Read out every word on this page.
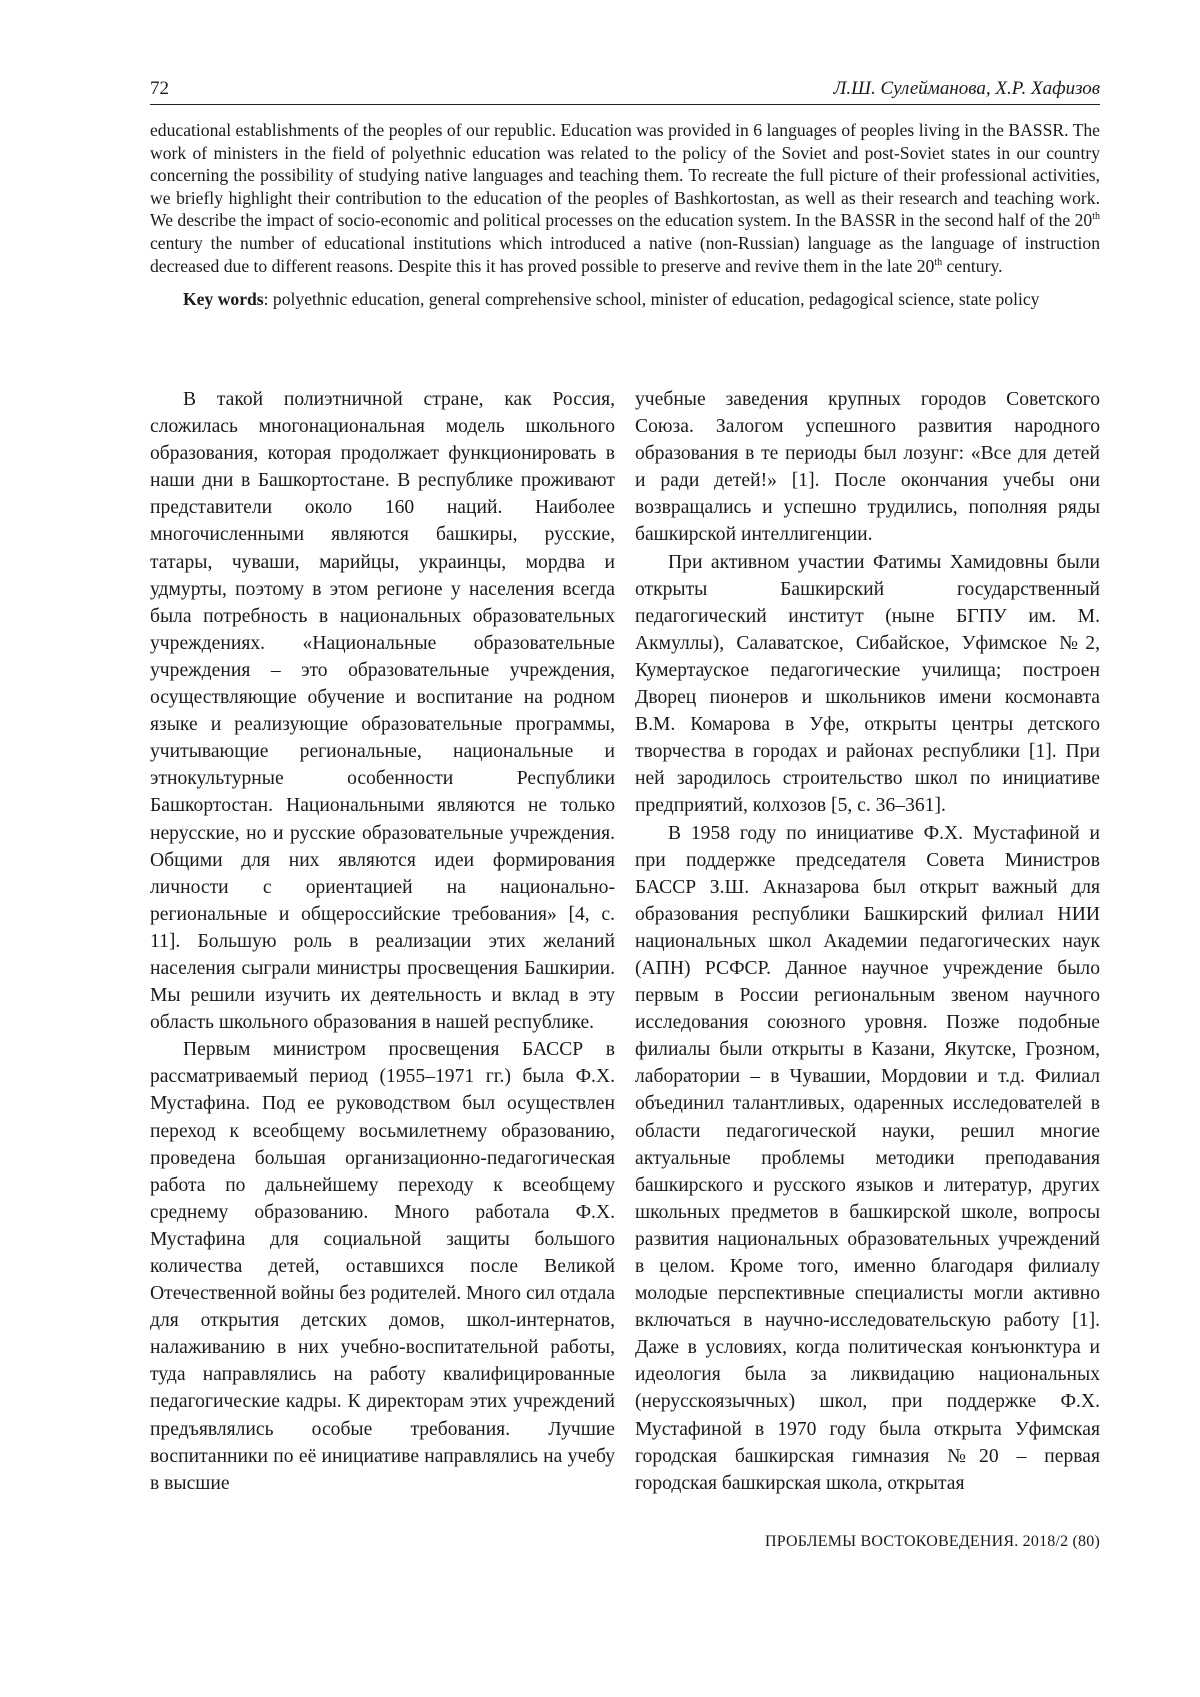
72	Л.Ш. Сулейманова, Х.Р. Хафизов
educational establishments of the peoples of our republic. Education was provided in 6 languages of peoples living in the BASSR. The work of ministers in the field of polyethnic education was related to the policy of the Soviet and post-Soviet states in our country concerning the possibility of studying native languages and teaching them. To recreate the full picture of their professional activities, we briefly highlight their contribution to the education of the peoples of Bashkortostan, as well as their research and teaching work. We describe the impact of socio-economic and political processes on the education system. In the BASSR in the second half of the 20th century the number of educational institutions which introduced a native (non-Russian) language as the language of instruction decreased due to different reasons. Despite this it has proved possible to preserve and revive them in the late 20th century.
Key words: polyethnic education, general comprehensive school, minister of education, pedagogical science, state policy

В такой полиэтничной стране, как Россия, сложилась многонациональная модель школьного образования, которая продолжает функционировать в наши дни в Башкортостане. В республике проживают представители около 160 наций. Наиболее многочисленными являются башкиры, русские, татары, чуваши, марийцы, украинцы, мордва и удмурты, поэтому в этом регионе у населения всегда была потребность в национальных образовательных учреждениях. «Национальные образовательные учреждения – это образовательные учреждения, осуществляющие обучение и воспитание на родном языке и реализующие образовательные программы, учитывающие региональные, национальные и этнокультурные особенности Республики Башкортостан. Национальными являются не только нерусские, но и русские образовательные учреждения. Общими для них являются идеи формирования личности с ориентацией на национально-региональные и общероссийские требования» [4, с. 11]. Большую роль в реализации этих желаний населения сыграли министры просвещения Башкирии. Мы решили изучить их деятельность и вклад в эту область школьного образования в нашей республике.

Первым министром просвещения БАССР в рассматриваемый период (1955–1971 гг.) была Ф.Х. Мустафина. Под ее руководством был осуществлен переход к всеобщему восьмилетнему образованию, проведена большая организационно-педагогическая работа по дальнейшему переходу к всеобщему среднему образованию. Много работала Ф.Х. Мустафина для социальной защиты большого количества детей, оставшихся после Великой Отечественной войны без родителей. Много сил отдала для открытия детских домов, школ-интернатов, налаживанию в них учебно-воспитательной работы, туда направлялись на работу квалифицированные педагогические кадры. К директорам этих учреждений предъявлялись особые требования. Лучшие воспитанники по её инициативе направлялись на учебу в высшие

учебные заведения крупных городов Советского Союза. Залогом успешного развития народного образования в те периоды был лозунг: «Все для детей и ради детей!» [1]. После окончания учебы они возвращались и успешно трудились, пополняя ряды башкирской интеллигенции.

При активном участии Фатимы Хамидовны были открыты Башкирский государственный педагогический институт (ныне БГПУ им. М. Акмуллы), Салаватское, Сибайское, Уфимское №2, Кумертауское педагогические училища; построен Дворец пионеров и школьников имени космонавта В.М. Комарова в Уфе, открыты центры детского творчества в городах и районах республики [1]. При ней зародилось строительство школ по инициативе предприятий, колхозов [5, с. 36–361].

В 1958 году по инициативе Ф.Х. Мустафиной и при поддержке председателя Совета Министров БАССР З.Ш. Акназарова был открыт важный для образования республики Башкирский филиал НИИ национальных школ Академии педагогических наук (АПН) РСФСР. Данное научное учреждение было первым в России региональным звеном научного исследования союзного уровня. Позже подобные филиалы были открыты в Казани, Якутске, Грозном, лаборатории – в Чувашии, Мордовии и т.д. Филиал объединил талантливых, одаренных исследователей в области педагогической науки, решил многие актуальные проблемы методики преподавания башкирского и русского языков и литератур, других школьных предметов в башкирской школе, вопросы развития национальных образовательных учреждений в целом. Кроме того, именно благодаря филиалу молодые перспективные специалисты могли активно включаться в научно-исследовательскую работу [1]. Даже в условиях, когда политическая конъюнктура и идеология была за ликвидацию национальных (нерусскоязычных) школ, при поддержке Ф.Х. Мустафиной в 1970 году была открыта Уфимская городская башкирская гимназия №20 – первая городская башкирская школа, открытая

ПРОБЛЕМЫ ВОСТОКОВЕДЕНИЯ. 2018/2 (80)
